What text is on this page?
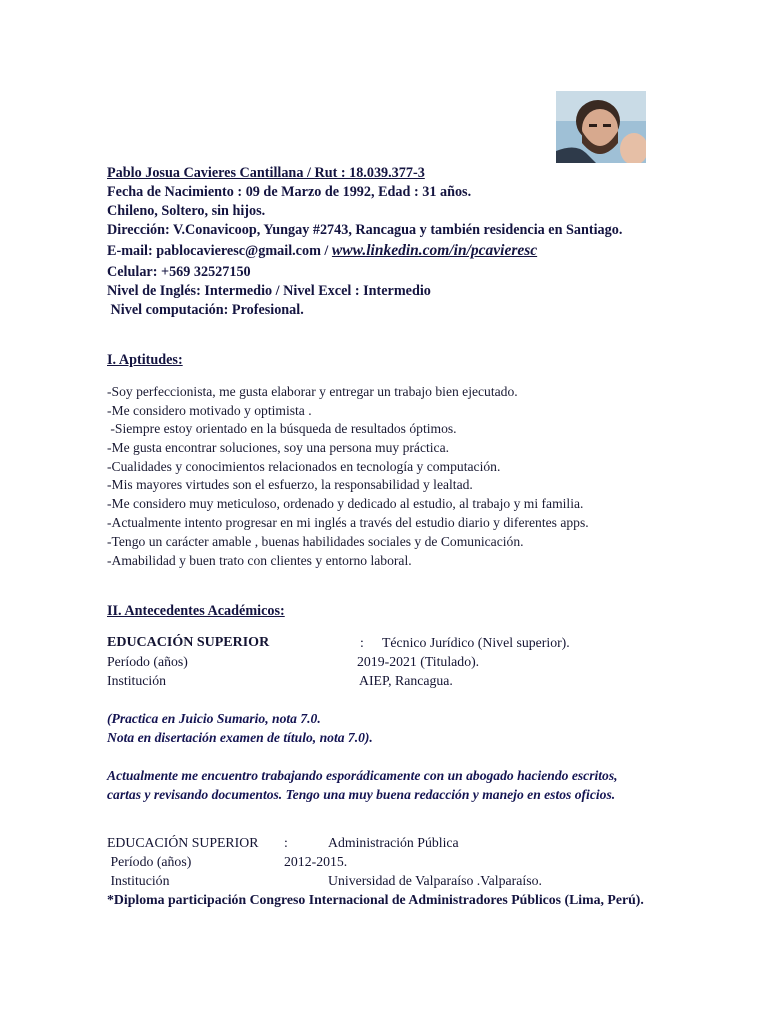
Pablo Josua Cavieres Cantillana / Rut : 18.039.377-3
Fecha de Nacimiento : 09 de Marzo de 1992, Edad : 31 años.
Chileno, Soltero, sin hijos.
Dirección: V.Conavicoop, Yungay #2743, Rancagua y también residencia en Santiago.
E-mail: pablocavieresc@gmail.com / www.linkedin.com/in/pcavieresc
Celular: +569 32527150
Nivel de Inglés: Intermedio / Nivel Excel : Intermedio
Nivel computación: Profesional.
I. Aptitudes:
-Soy perfeccionista, me gusta elaborar y entregar un trabajo bien ejecutado.
-Me considero motivado y optimista .
-Siempre estoy orientado en la búsqueda de resultados óptimos.
-Me gusta encontrar soluciones, soy una persona muy práctica.
-Cualidades y conocimientos relacionados en tecnología y computación.
-Mis mayores virtudes son el esfuerzo, la responsabilidad y lealtad.
-Me considero muy meticuloso, ordenado y dedicado al estudio, al trabajo y mi familia.
-Actualmente intento progresar en mi inglés a través del estudio diario y diferentes apps.
-Tengo un carácter amable , buenas habilidades sociales y de Comunicación.
-Amabilidad y buen trato con clientes y entorno laboral.
II. Antecedentes Académicos:
EDUCACIÓN SUPERIOR	: Técnico Jurídico (Nivel superior).
Período (años)	2019-2021 (Titulado).
Institución	AIEP, Rancagua.
(Practica en Juicio Sumario, nota 7.0.
Nota en disertación examen de título, nota 7.0).
Actualmente me encuentro trabajando esporádicamente con un abogado haciendo escritos,
cartas y revisando documentos. Tengo una muy buena redacción y manejo en estos oficios.
EDUCACIÓN SUPERIOR :	Administración Pública
Período (años)	2012-2015.
Institución	Universidad de Valparaíso .Valparaíso.
*Diploma participación Congreso Internacional de Administradores Públicos (Lima, Perú).
